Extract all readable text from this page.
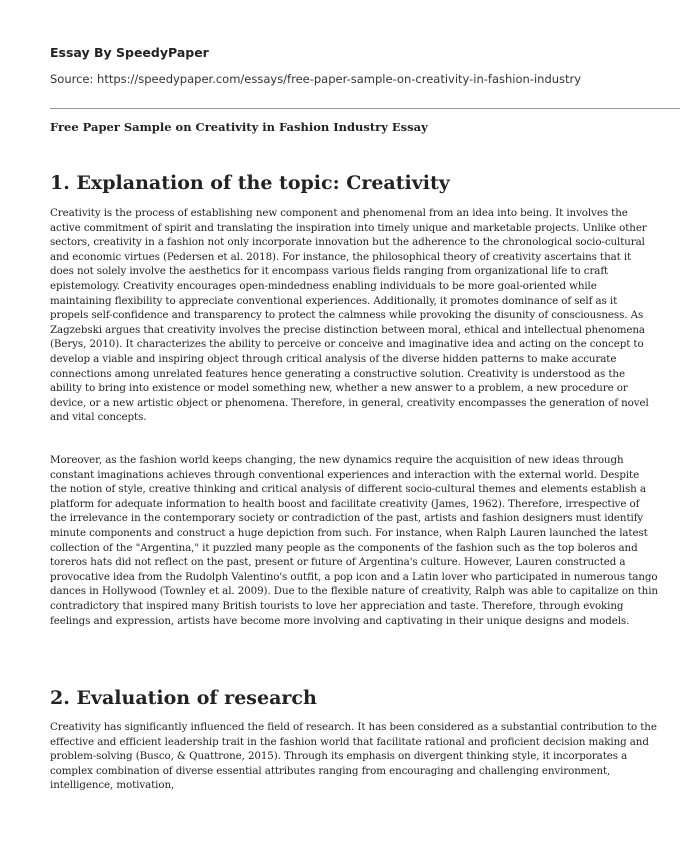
Essay By SpeedyPaper
Source: https://speedypaper.com/essays/free-paper-sample-on-creativity-in-fashion-industry
Free Paper Sample on Creativity in Fashion Industry Essay
1. Explanation of the topic: Creativity

Creativity is the process of establishing new component and phenomenal from an idea into being. It involves the active commitment of spirit and translating the inspiration into timely unique and marketable projects. Unlike other sectors, creativity in a fashion not only incorporate innovation but the adherence to the chronological socio-cultural and economic virtues (Pedersen et al. 2018). For instance, the philosophical theory of creativity ascertains that it does not solely involve the aesthetics for it encompass various fields ranging from organizational life to craft epistemology. Creativity encourages open-mindedness enabling individuals to be more goal-oriented while maintaining flexibility to appreciate conventional experiences. Additionally, it promotes dominance of self as it propels self-confidence and transparency to protect the calmness while provoking the disunity of consciousness. As Zagzebski argues that creativity involves the precise distinction between moral, ethical and intellectual phenomena (Berys, 2010). It characterizes the ability to perceive or conceive and imaginative idea and acting on the concept to develop a viable and inspiring object through critical analysis of the diverse hidden patterns to make accurate connections among unrelated features hence generating a constructive solution. Creativity is understood as the ability to bring into existence or model something new, whether a new answer to a problem, a new procedure or device, or a new artistic object or phenomena. Therefore, in general, creativity encompasses the generation of novel and vital concepts.

Moreover, as the fashion world keeps changing, the new dynamics require the acquisition of new ideas through constant imaginations achieves through conventional experiences and interaction with the external world. Despite the notion of style, creative thinking and critical analysis of different socio-cultural themes and elements establish a platform for adequate information to health boost and facilitate creativity (James, 1962). Therefore, irrespective of the irrelevance in the contemporary society or contradiction of the past, artists and fashion designers must identify minute components and construct a huge depiction from such. For instance, when Ralph Lauren launched the latest collection of the "Argentina," it puzzled many people as the components of the fashion such as the top boleros and toreros hats did not reflect on the past, present or future of Argentina's culture. However, Lauren constructed a provocative idea from the Rudolph Valentino's outfit, a pop icon and a Latin lover who participated in numerous tango dances in Hollywood (Townley et al. 2009). Due to the flexible nature of creativity, Ralph was able to capitalize on thin contradictory that inspired many British tourists to love her appreciation and taste. Therefore, through evoking feelings and expression, artists have become more involving and captivating in their unique designs and models.

2. Evaluation of research

Creativity has significantly influenced the field of research. It has been considered as a substantial contribution to the effective and efficient leadership trait in the fashion world that facilitate rational and proficient decision making and problem-solving (Busco, & Quattrone, 2015). Through its emphasis on divergent thinking style, it incorporates a complex combination of diverse essential attributes ranging from encouraging and challenging environment, intelligence, motivation,
